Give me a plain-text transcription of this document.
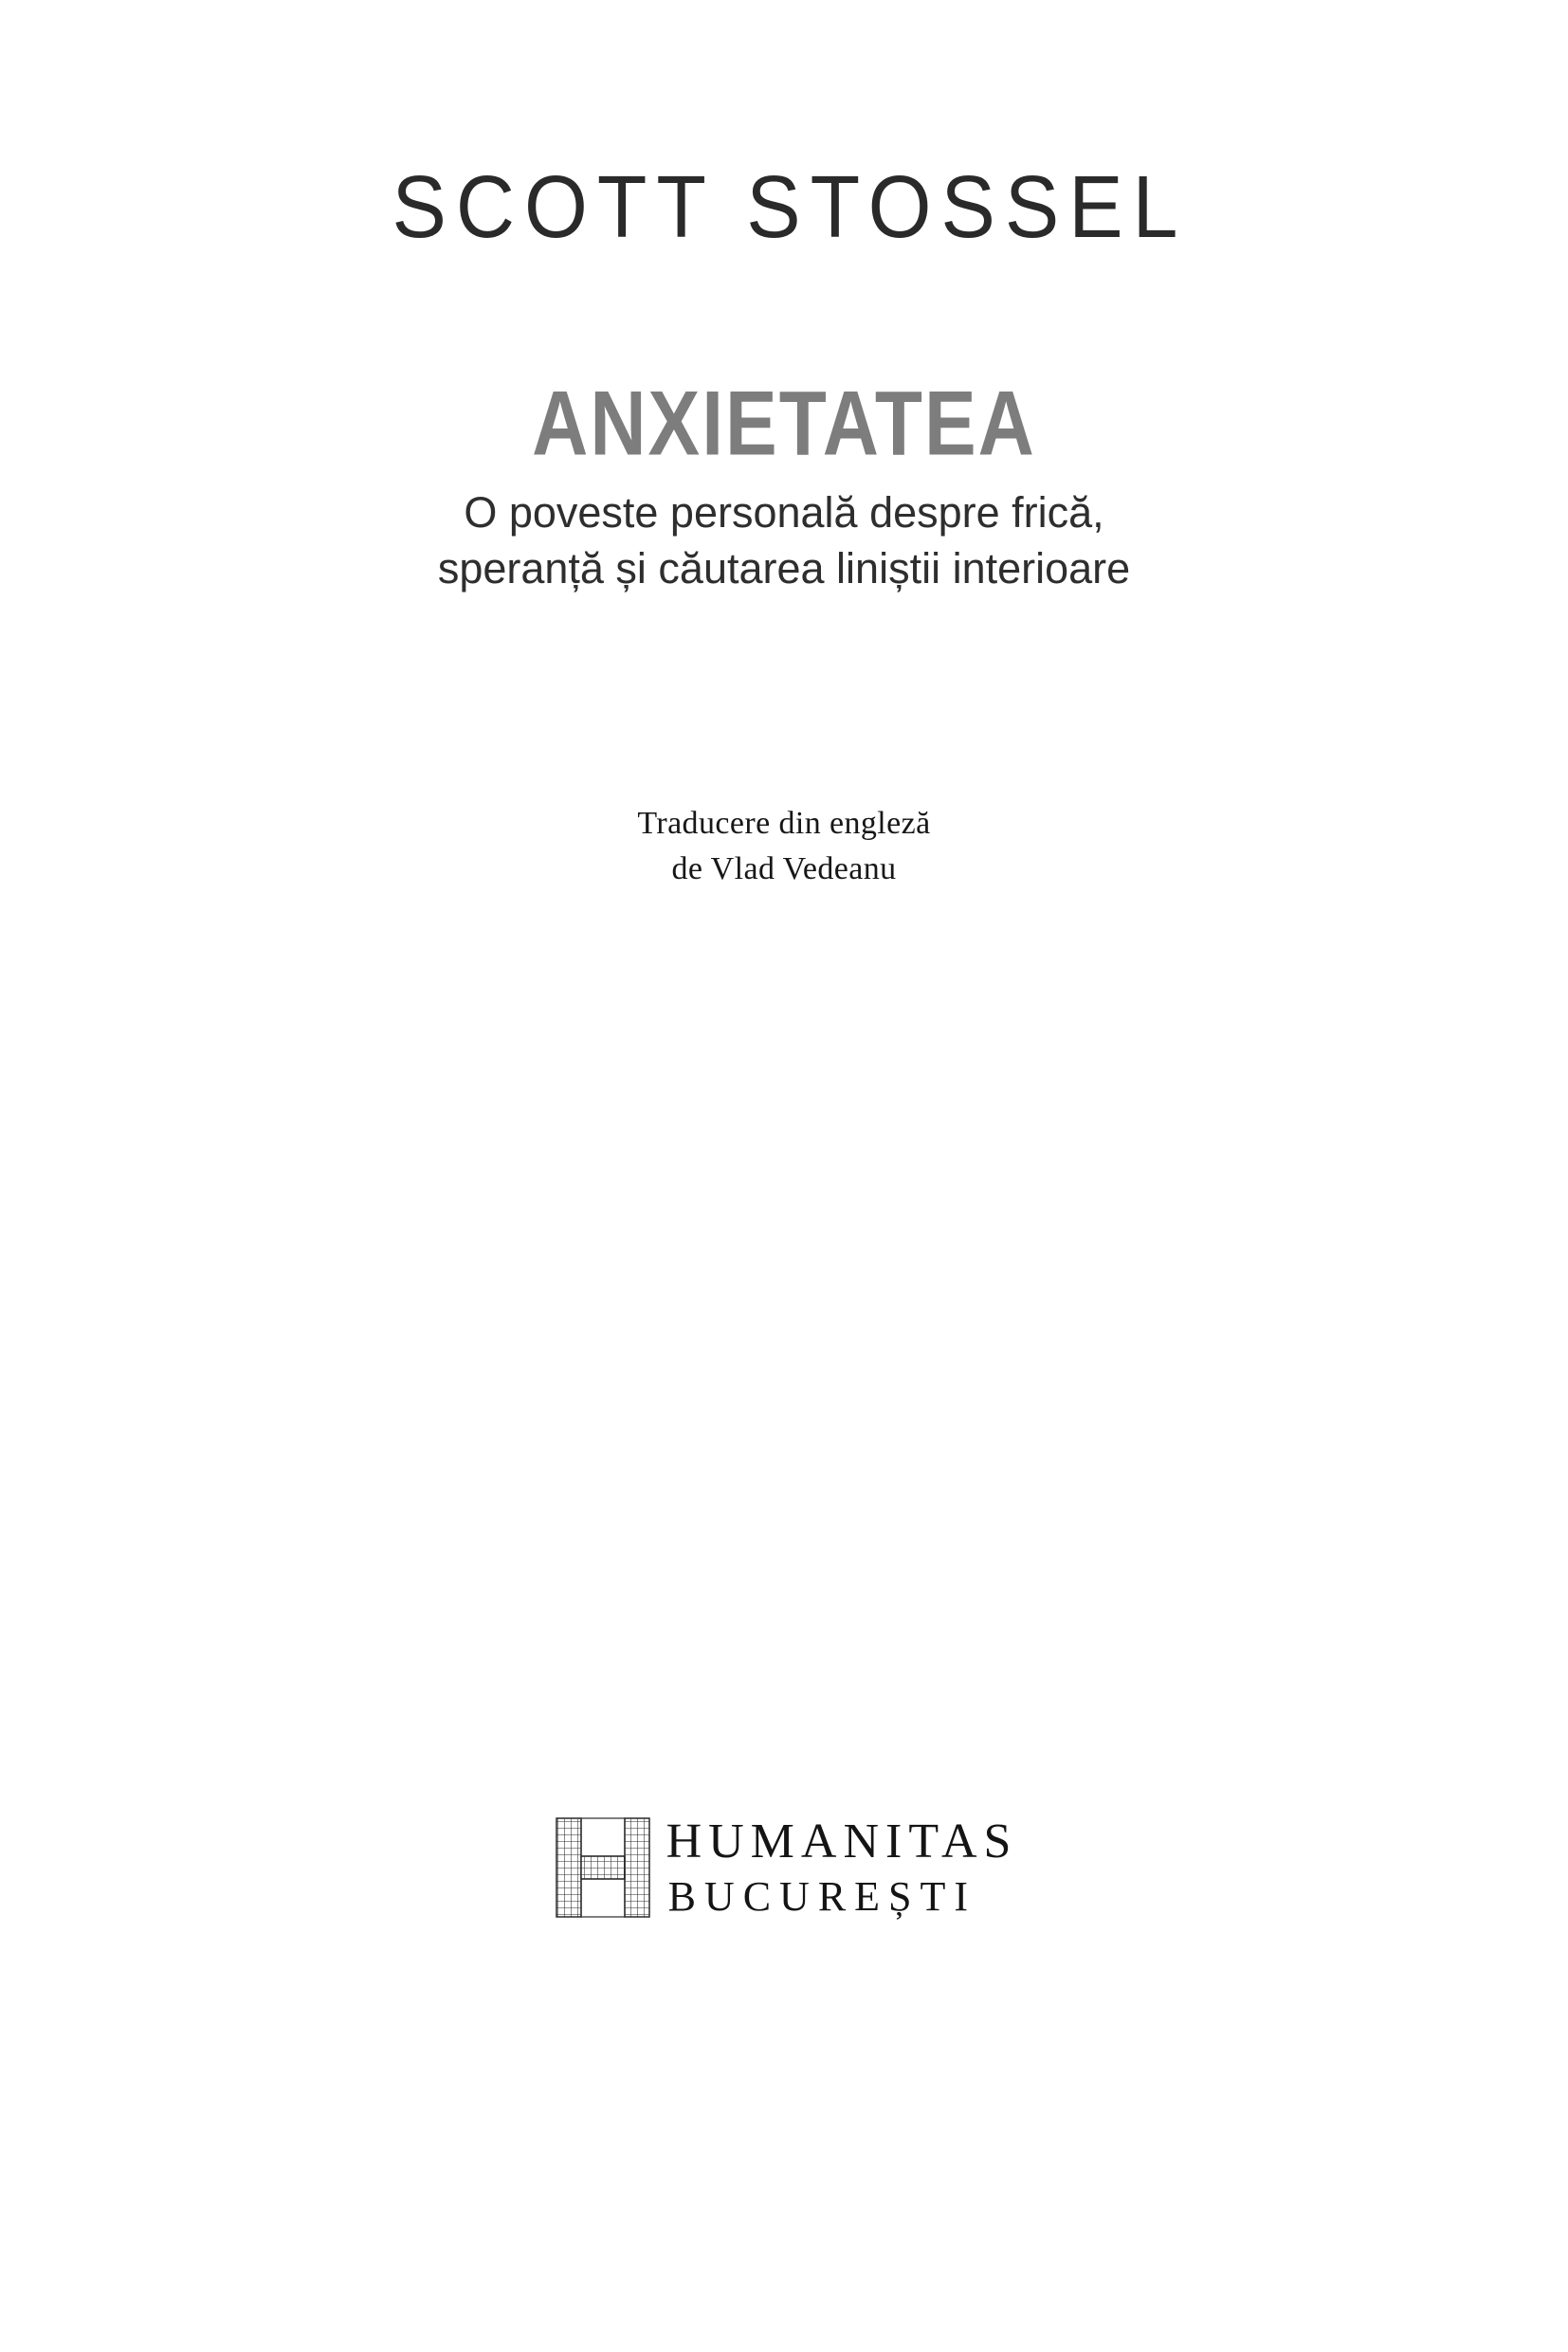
SCOTT STOSSEL
ANXIETATEA
O poveste personală despre frică,
speranță și căutarea liniștii interioare
Traducere din engleză
de Vlad Vedeanu
HUMANITAS
BUCUREȘTI
